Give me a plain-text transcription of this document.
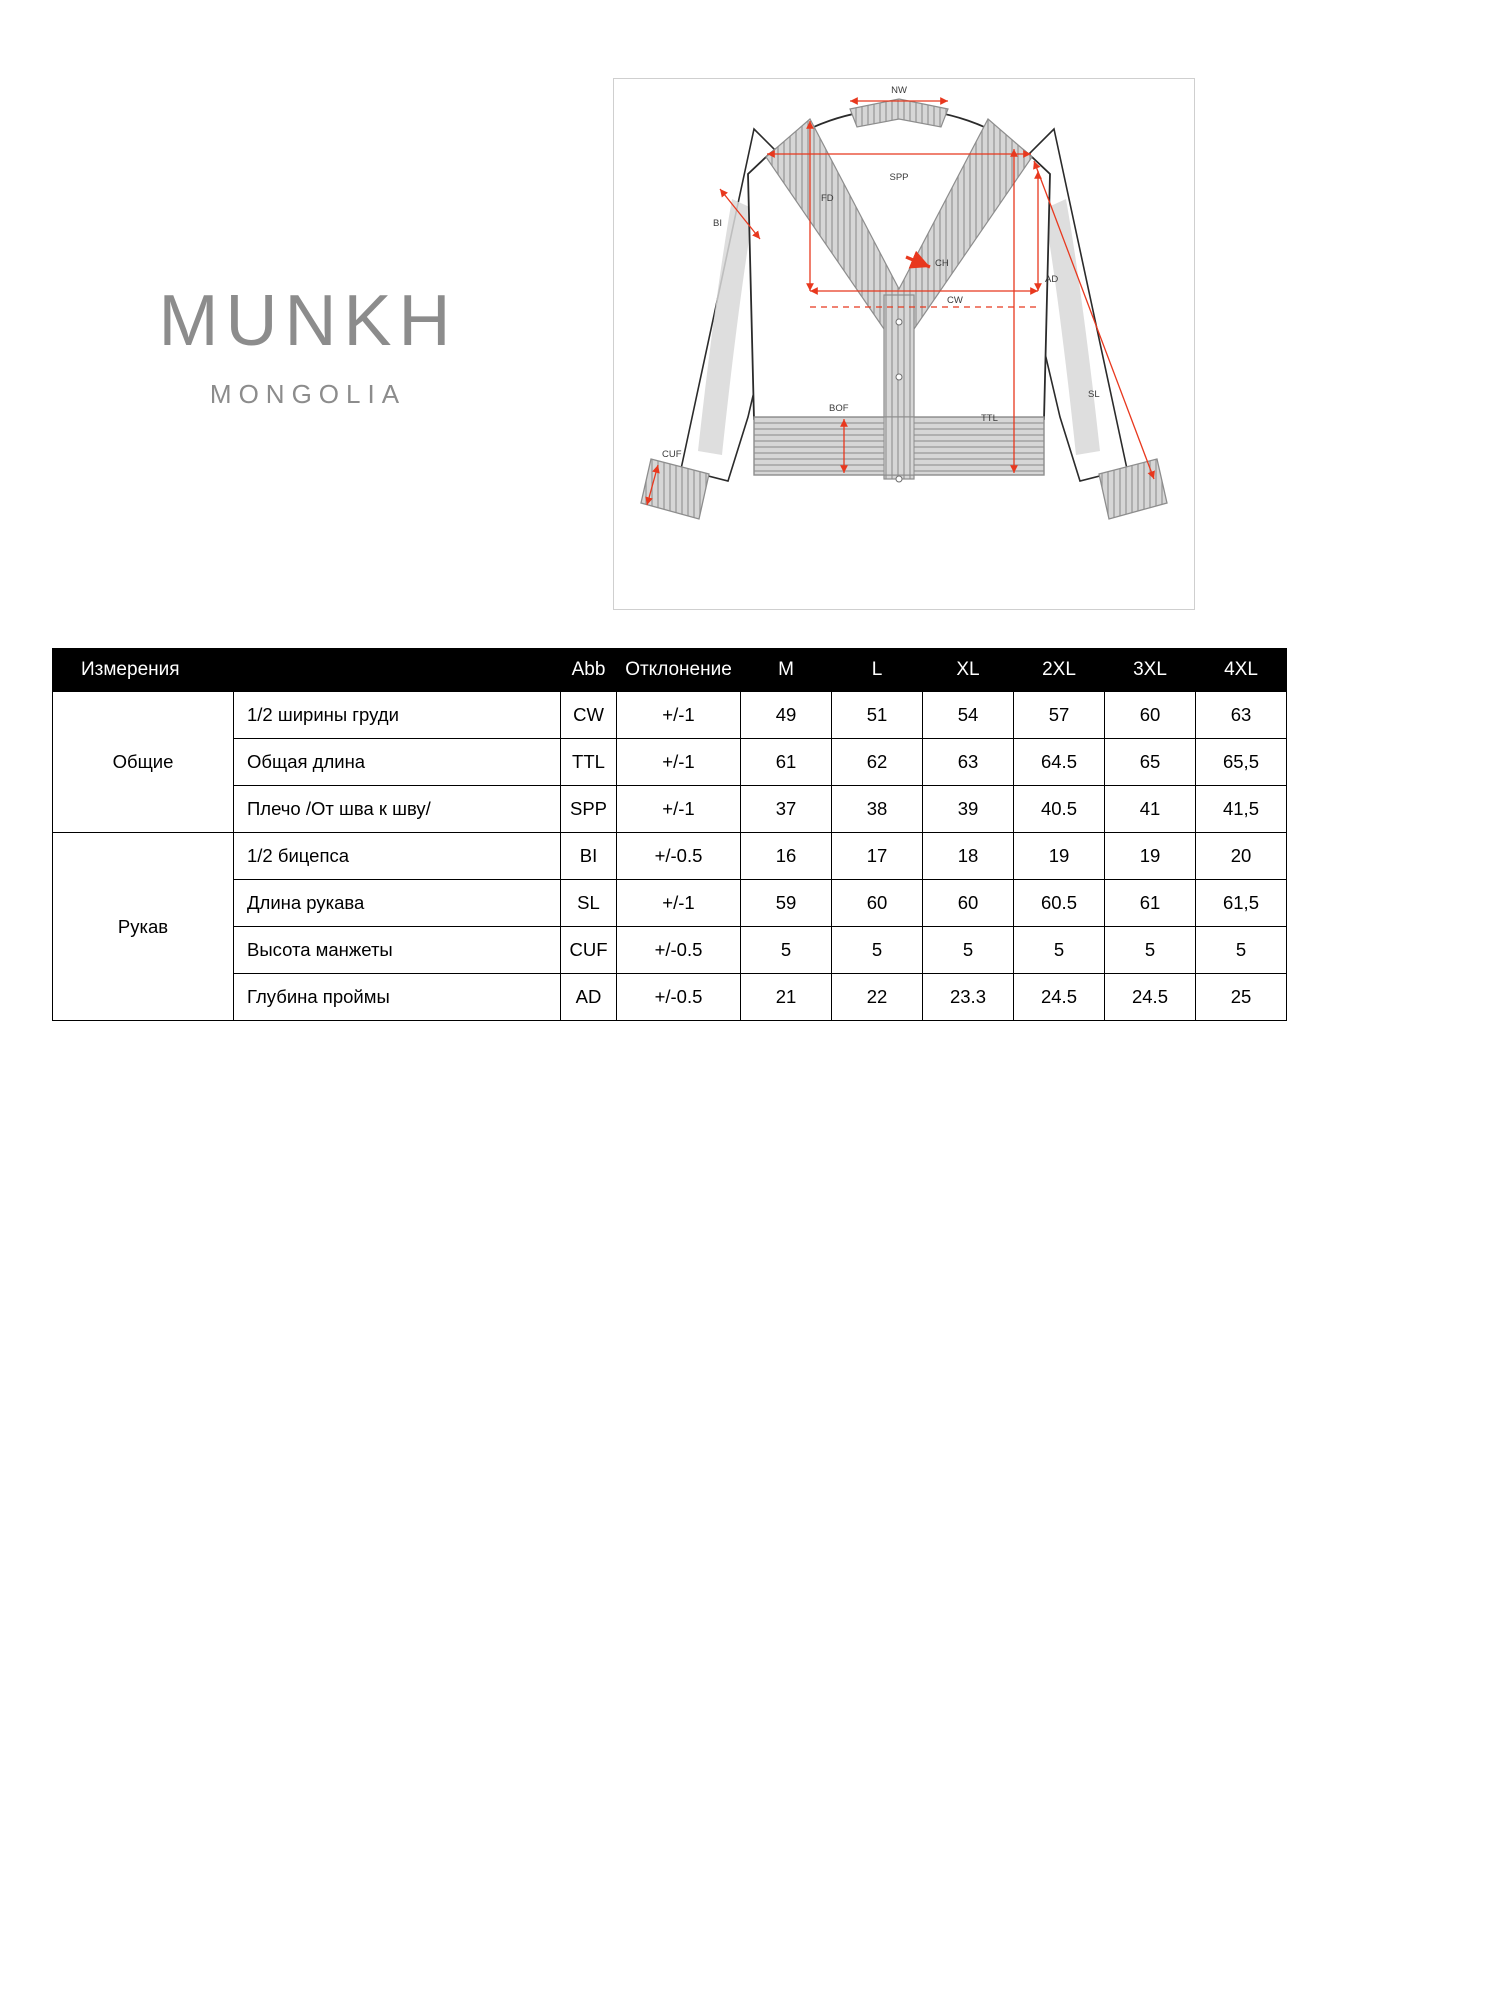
MUNKH
MONGOLIA
NW
SPP
FD
CH
AD
BI
CW
SL
TTL
BOF
CUF
Измерения		Abb	Отклонение	M	L	XL	2XL	3XL	4XL
Общие	1/2 ширины груди	CW	+/-1	49	51	54	57	60	63
	Общая длина	TTL	+/-1	61	62	63	64.5	65	65,5
	Плечо /От шва к шву/	SPP	+/-1	37	38	39	40.5	41	41,5
Рукав	1/2 бицепса	BI	+/-0.5	16	17	18	19	19	20
	Длина рукава	SL	+/-1	59	60	60	60.5	61	61,5
	Высота манжеты	CUF	+/-0.5	5	5	5	5	5	5
	Глубина проймы	AD	+/-0.5	21	22	23.3	24.5	24.5	25
